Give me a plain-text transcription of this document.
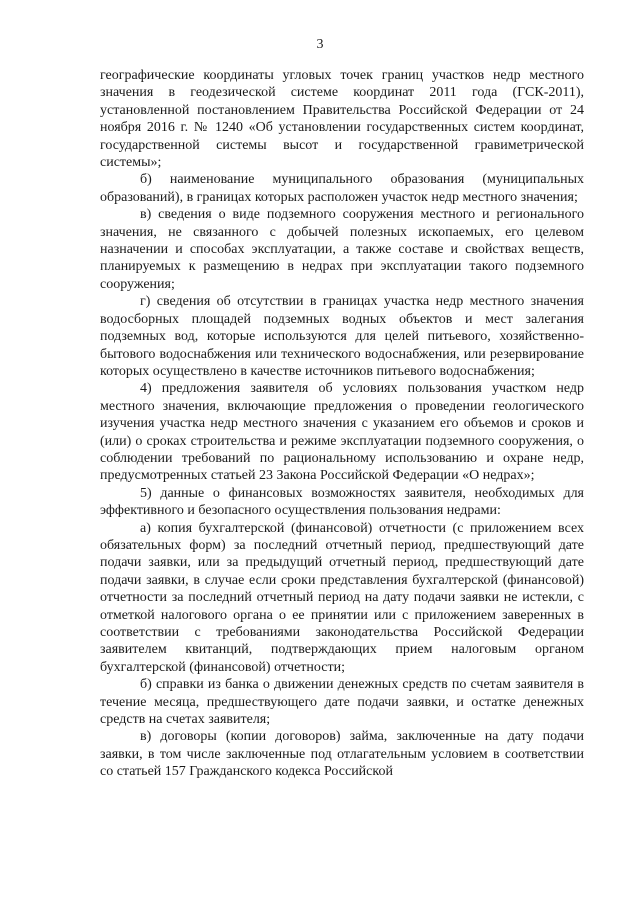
3

географические координаты угловых точек границ участков недр местного значения в геодезической системе координат 2011 года (ГСК-2011), установленной постановлением Правительства Российской Федерации от 24 ноября 2016 г. № 1240 «Об установлении государственных систем координат, государственной системы высот и государственной гравиметрической системы»;

б) наименование муниципального образования (муниципальных образований), в границах которых расположен участок недр местного значения;

в) сведения о виде подземного сооружения местного и регионального значения, не связанного с добычей полезных ископаемых, его целевом назначении и способах эксплуатации, а также составе и свойствах веществ, планируемых к размещению в недрах при эксплуатации такого подземного сооружения;

г) сведения об отсутствии в границах участка недр местного значения водосборных площадей подземных водных объектов и мест залегания подземных вод, которые используются для целей питьевого, хозяйственно-бытового водоснабжения или технического водоснабжения, или резервирование которых осуществлено в качестве источников питьевого водоснабжения;

4) предложения заявителя об условиях пользования участком недр местного значения, включающие предложения о проведении геологического изучения участка недр местного значения с указанием его объемов и сроков и (или) о сроках строительства и режиме эксплуатации подземного сооружения, о соблюдении требований по рациональному использованию и охране недр, предусмотренных статьей 23 Закона Российской Федерации «О недрах»;

5) данные о финансовых возможностях заявителя, необходимых для эффективного и безопасного осуществления пользования недрами:

а) копия бухгалтерской (финансовой) отчетности (с приложением всех обязательных форм) за последний отчетный период, предшествующий дате подачи заявки, или за предыдущий отчетный период, предшествующий дате подачи заявки, в случае если сроки представления бухгалтерской (финансовой) отчетности за последний отчетный период на дату подачи заявки не истекли, с отметкой налогового органа о ее принятии или с приложением заверенных в соответствии с требованиями законодательства Российской Федерации заявителем квитанций, подтверждающих прием налоговым органом бухгалтерской (финансовой) отчетности;

б) справки из банка о движении денежных средств по счетам заявителя в течение месяца, предшествующего дате подачи заявки, и остатке денежных средств на счетах заявителя;

в) договоры (копии договоров) займа, заключенные на дату подачи заявки, в том числе заключенные под отлагательным условием в соответствии со статьей 157 Гражданского кодекса Российской
